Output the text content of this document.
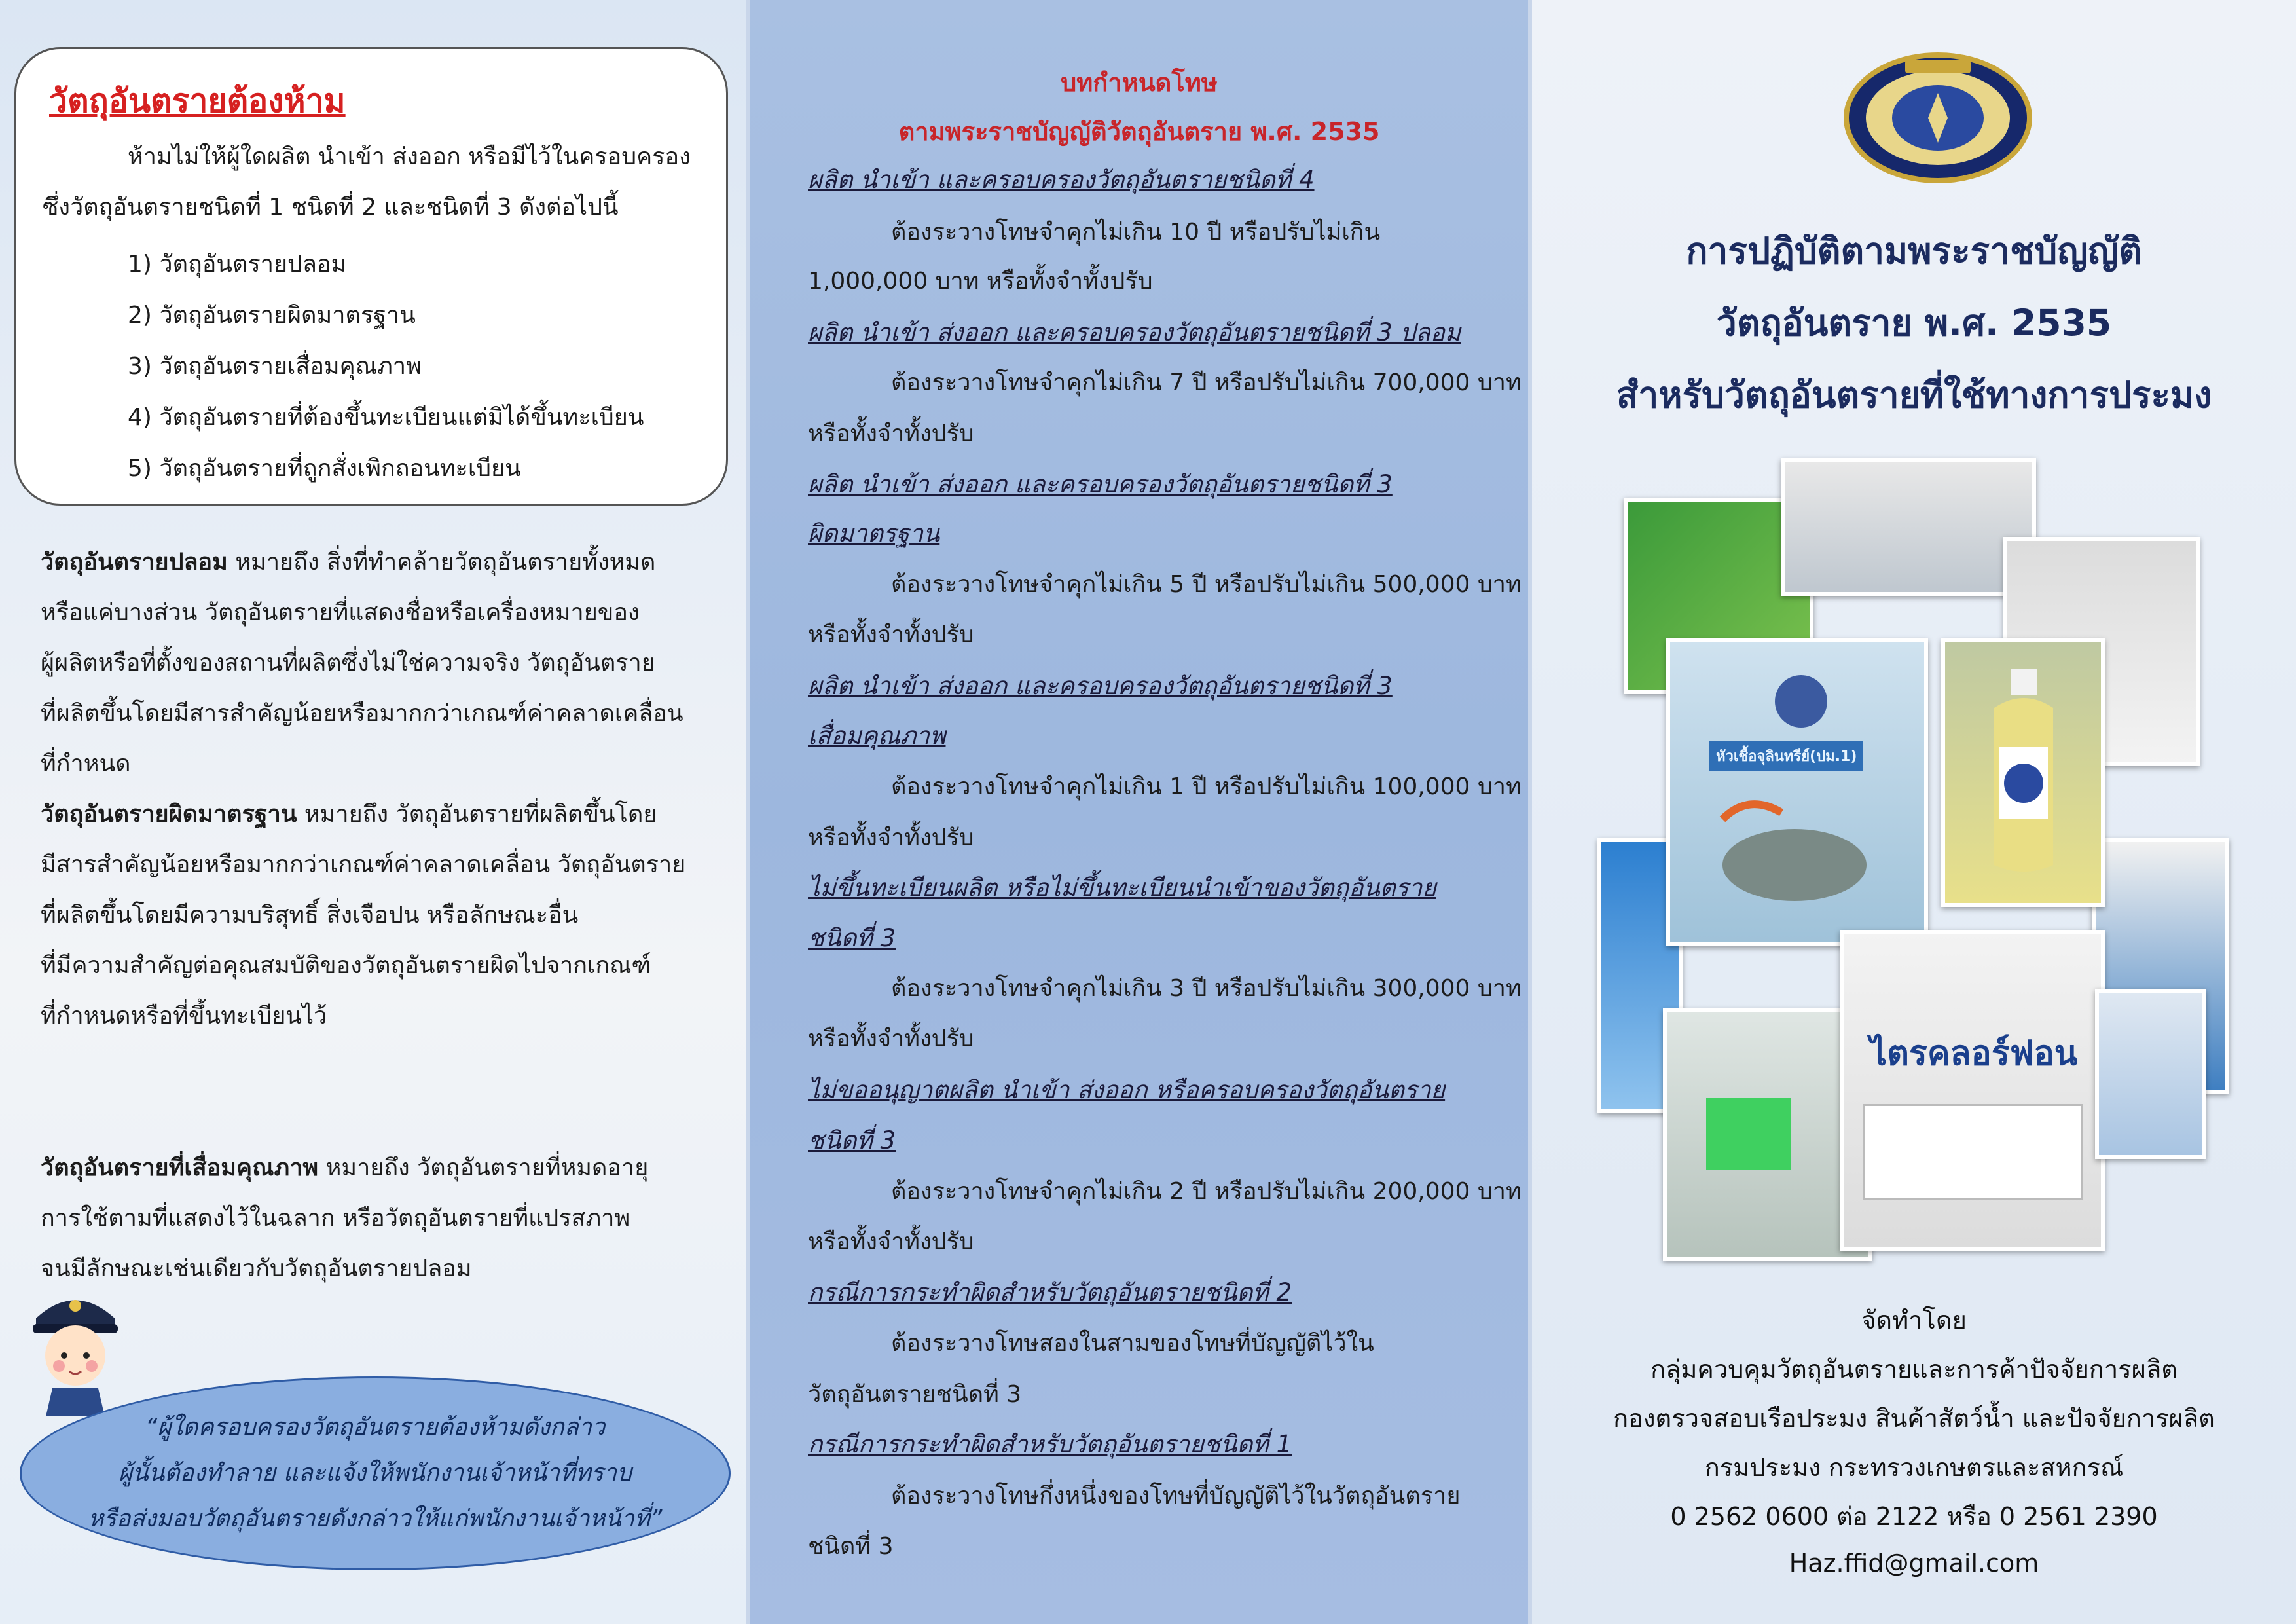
วัตถุอันตรายต้องห้าม
ห้ามไม่ให้ผู้ใดผลิต นำเข้า ส่งออก หรือมีไว้ในครอบครอง
ซึ่งวัตถุอันตรายชนิดที่ 1 ชนิดที่ 2 และชนิดที่ 3 ดังต่อไปนี้
1) วัตถุอันตรายปลอม
2) วัตถุอันตรายผิดมาตรฐาน
3) วัตถุอันตรายเสื่อมคุณภาพ
4) วัตถุอันตรายที่ต้องขึ้นทะเบียนแต่มิได้ขึ้นทะเบียน
5) วัตถุอันตรายที่ถูกสั่งเพิกถอนทะเบียน
วัตถุอันตรายปลอม หมายถึง สิ่งที่ทำคล้ายวัตถุอันตรายทั้งหมด
หรือแค่บางส่วน วัตถุอันตรายที่แสดงชื่อหรือเครื่องหมายของ
ผู้ผลิตหรือที่ตั้งของสถานที่ผลิตซึ่งไม่ใช่ความจริง วัตถุอันตราย
ที่ผลิตขึ้นโดยมีสารสำคัญน้อยหรือมากกว่าเกณฑ์ค่าคลาดเคลื่อน
ที่กำหนด
วัตถุอันตรายผิดมาตรฐาน หมายถึง วัตถุอันตรายที่ผลิตขึ้นโดย
มีสารสำคัญน้อยหรือมากกว่าเกณฑ์ค่าคลาดเคลื่อน วัตถุอันตราย
ที่ผลิตขึ้นโดยมีความบริสุทธิ์ สิ่งเจือปน หรือลักษณะอื่น
ที่มีความสำคัญต่อคุณสมบัติของวัตถุอันตรายผิดไปจากเกณฑ์
ที่กำหนดหรือที่ขึ้นทะเบียนไว้
วัตถุอันตรายที่เสื่อมคุณภาพ หมายถึง วัตถุอันตรายที่หมดอายุ
การใช้ตามที่แสดงไว้ในฉลาก หรือวัตถุอันตรายที่แปรสภาพ
จนมีลักษณะเช่นเดียวกับวัตถุอันตรายปลอม

“ผู้ใดครอบครองวัตถุอันตรายต้องห้ามดังกล่าว

ผู้นั้นต้องทำลาย และแจ้งให้พนักงานเจ้าหน้าที่ทราบ

หรือส่งมอบวัตถุอันตรายดังกล่าวให้แก่พนักงานเจ้าหน้าที่”

บทกำหนดโทษ
ตามพระราชบัญญัติวัตถุอันตราย พ.ศ. 2535

ผลิต นำเข้า และครอบครองวัตถุอันตรายชนิดที่ 4

ต้องระวางโทษจำคุกไม่เกิน 10 ปี หรือปรับไม่เกิน

1,000,000 บาท หรือทั้งจำทั้งปรับ

ผลิต นำเข้า ส่งออก และครอบครองวัตถุอันตรายชนิดที่ 3 ปลอม

ต้องระวางโทษจำคุกไม่เกิน 7 ปี หรือปรับไม่เกิน 700,000 บาท

หรือทั้งจำทั้งปรับ

ผลิต นำเข้า ส่งออก และครอบครองวัตถุอันตรายชนิดที่ 3

ผิดมาตรฐาน

ต้องระวางโทษจำคุกไม่เกิน 5 ปี หรือปรับไม่เกิน 500,000 บาท

หรือทั้งจำทั้งปรับ

ผลิต นำเข้า ส่งออก และครอบครองวัตถุอันตรายชนิดที่ 3

เสื่อมคุณภาพ

ต้องระวางโทษจำคุกไม่เกิน 1 ปี หรือปรับไม่เกิน 100,000 บาท

หรือทั้งจำทั้งปรับ

ไม่ขึ้นทะเบียนผลิต หรือไม่ขึ้นทะเบียนนำเข้าของวัตถุอันตราย

ชนิดที่ 3

ต้องระวางโทษจำคุกไม่เกิน 3 ปี หรือปรับไม่เกิน 300,000 บาท

หรือทั้งจำทั้งปรับ

ไม่ขออนุญาตผลิต นำเข้า ส่งออก หรือครอบครองวัตถุอันตราย

ชนิดที่ 3

ต้องระวางโทษจำคุกไม่เกิน 2 ปี หรือปรับไม่เกิน 200,000 บาท

หรือทั้งจำทั้งปรับ

กรณีการกระทำผิดสำหรับวัตถุอันตรายชนิดที่ 2

ต้องระวางโทษสองในสามของโทษที่บัญญัติไว้ใน

วัตถุอันตรายชนิดที่ 3

กรณีการกระทำผิดสำหรับวัตถุอันตรายชนิดที่ 1

ต้องระวางโทษกึ่งหนึ่งของโทษที่บัญญัติไว้ในวัตถุอันตราย

ชนิดที่ 3

การปฏิบัติตามพระราชบัญญัติ

วัตถุอันตราย พ.ศ. 2535

สำหรับวัตถุอันตรายที่ใช้ทางการประมง

หัวเชื้อจุลินทรีย์(ปม.1)
ไตรคลอร์ฟอน

จัดทำโดย

กลุ่มควบคุมวัตถุอันตรายและการค้าปัจจัยการผลิต

กองตรวจสอบเรือประมง สินค้าสัตว์น้ำ และปัจจัยการผลิต

กรมประมง กระทรวงเกษตรและสหกรณ์

0 2562 0600 ต่อ 2122 หรือ 0 2561 2390

Haz.ffid@gmail.com
